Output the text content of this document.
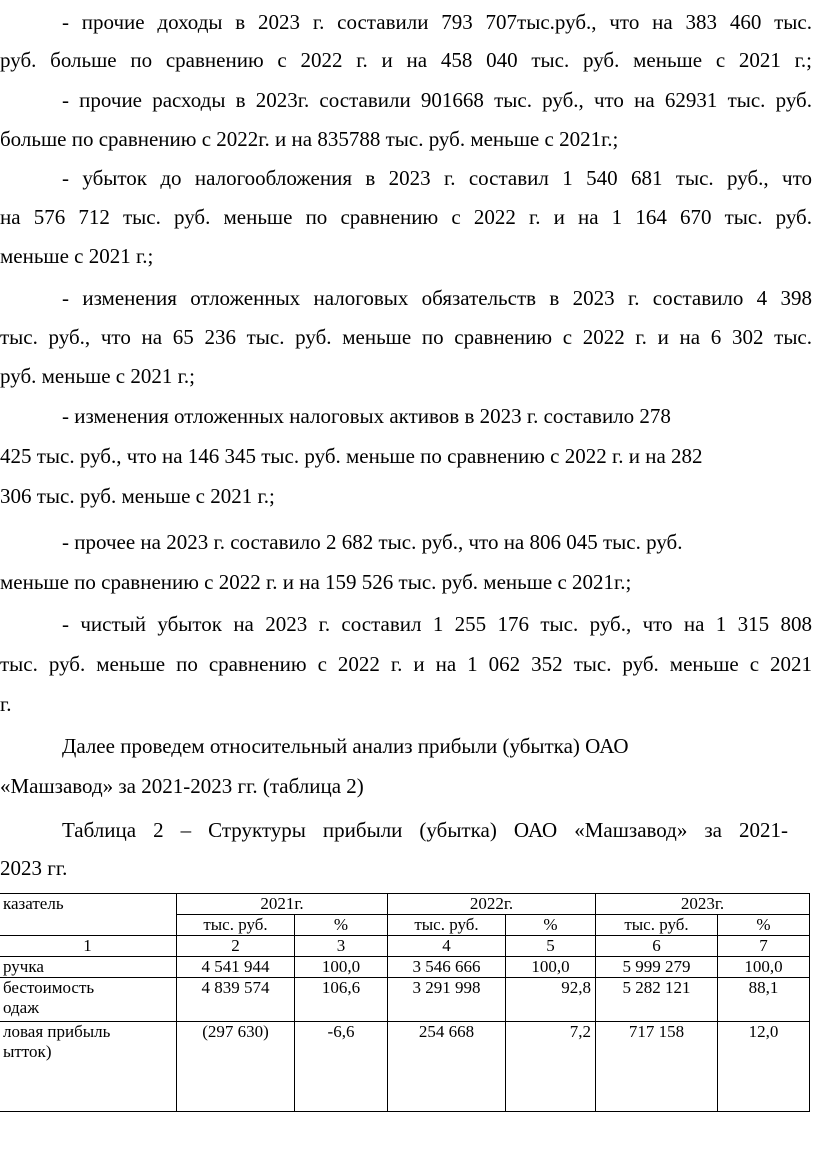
- прочие доходы в 2023 г. составили 793 707тыс.руб., что на 383 460 тыс.
руб. больше по сравнению с 2022 г. и на 458 040 тыс. руб. меньше с 2021 г.;
- прочие расходы в 2023г. составили 901668 тыс. руб., что на 62931 тыс. руб.
больше по сравнению с 2022г. и на 835788 тыс. руб. меньше с 2021г.;
- убыток до налогообложения в 2023 г. составил 1 540 681 тыс. руб., что
на 576 712 тыс. руб. меньше по сравнению с 2022 г. и на 1 164 670 тыс. руб.
меньше с 2021 г.;
- изменения отложенных налоговых обязательств в 2023 г. составило 4 398
тыс. руб., что на 65 236 тыс. руб. меньше по сравнению с 2022 г. и на 6 302 тыс.
руб. меньше с 2021 г.;
- изменения отложенных налоговых активов в 2023 г. составило 278
425 тыс. руб., что на 146 345 тыс. руб. меньше по сравнению с 2022 г. и на 282
306 тыс. руб. меньше с 2021 г.;
- прочее на 2023 г. составило 2 682 тыс. руб., что на 806 045 тыс. руб.
меньше по сравнению с 2022 г. и на 159 526 тыс. руб. меньше с 2021г.;
- чистый убыток на 2023 г. составил 1 255 176 тыс. руб., что на 1 315 808
тыс. руб. меньше по сравнению с 2022 г. и на 1 062 352 тыс. руб. меньше с 2021
г.
Далее проведем относительный анализ прибыли (убытка) ОАО
«Машзавод» за 2021-2023 гг. (таблица 2)
Таблица 2 – Структуры прибыли (убытка) ОАО «Машзавод» за 2021-
2023 гг.
казатель	2021г.		2022г.		2023г.	
	тыс. руб.	%	тыс. руб.	%	тыс. руб.	%
1	2	3	4	5	6	7
ручка	4 541 944	100,0	3 546 666	100,0	5 999 279	100,0
бестоимость
одаж	4 839 574	106,6	3 291 998	92,8	5 282 121	88,1
ловая прибыль
ытток)	(297 630)	-6,6	254 668	7,2	717 158	12,0
